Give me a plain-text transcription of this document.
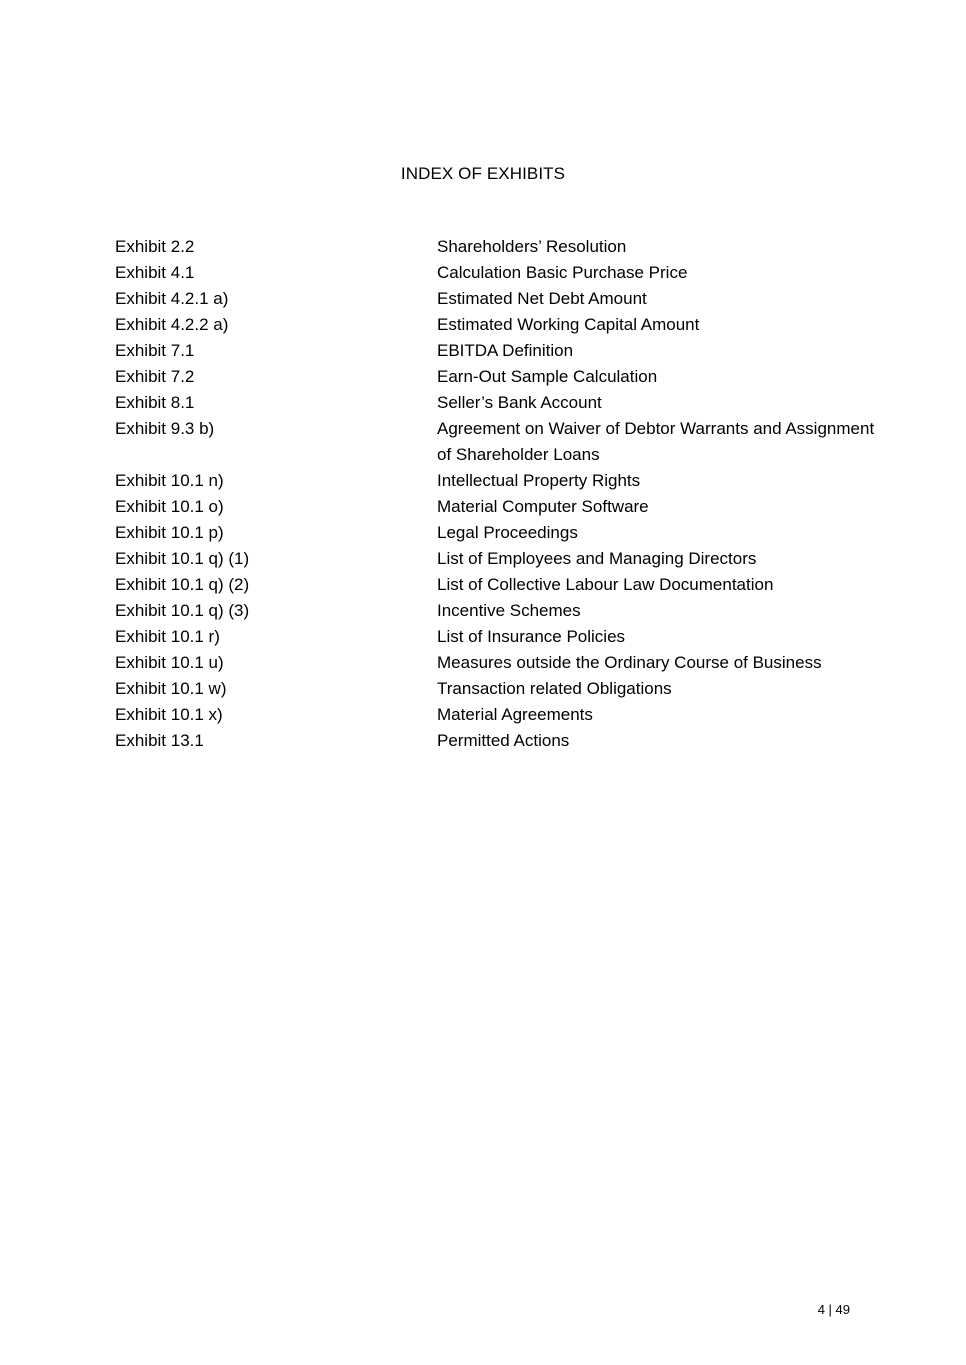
INDEX OF EXHIBITS
Exhibit 2.2	Shareholders’ Resolution
Exhibit 4.1	Calculation Basic Purchase Price
Exhibit 4.2.1 a)	Estimated Net Debt Amount
Exhibit 4.2.2 a)	Estimated Working Capital Amount
Exhibit 7.1	EBITDA Definition
Exhibit 7.2	Earn-Out Sample Calculation
Exhibit 8.1	Seller’s Bank Account
Exhibit 9.3 b)	Agreement on Waiver of Debtor Warrants and Assignment of Shareholder Loans
Exhibit 10.1 n)	Intellectual Property Rights
Exhibit 10.1 o)	Material Computer Software
Exhibit 10.1 p)	Legal Proceedings
Exhibit 10.1 q) (1)	List of Employees and Managing Directors
Exhibit 10.1 q) (2)	List of Collective Labour Law Documentation
Exhibit 10.1 q) (3)	Incentive Schemes
Exhibit 10.1 r)	List of Insurance Policies
Exhibit 10.1 u)	Measures outside the Ordinary Course of Business
Exhibit 10.1 w)	Transaction related Obligations
Exhibit 10.1 x)	Material Agreements
Exhibit 13.1	Permitted Actions
4 | 49
